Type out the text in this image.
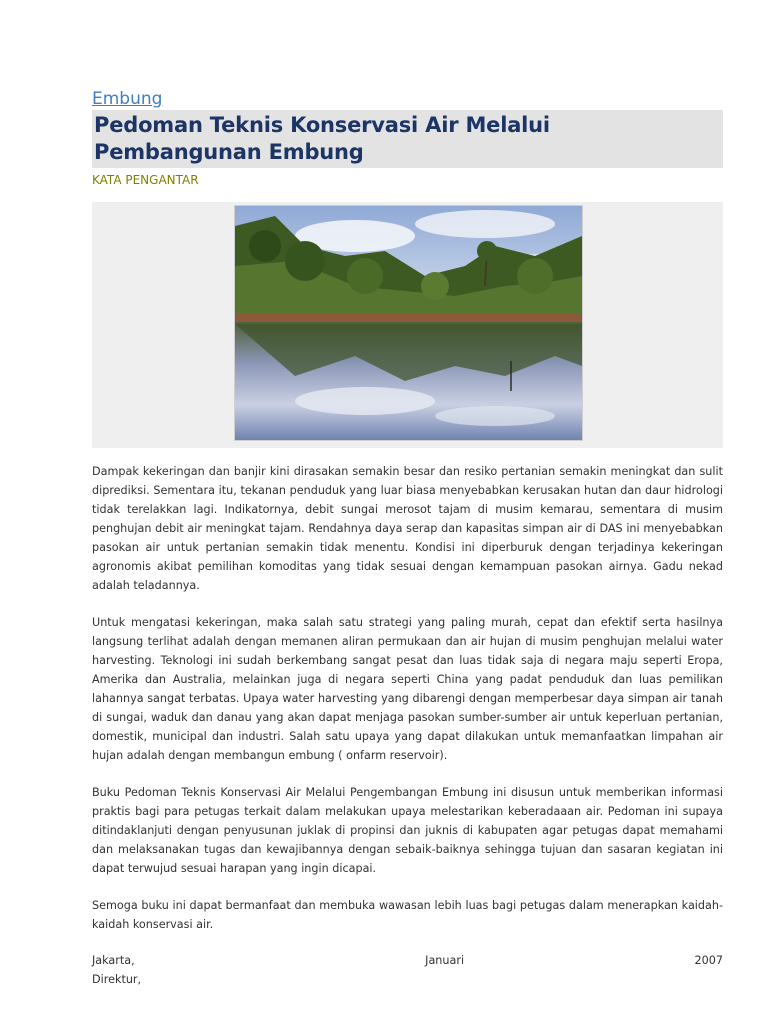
Embung
Pedoman Teknis Konservasi Air Melalui Pembangunan Embung
KATA PENGANTAR

Dampak kekeringan dan banjir kini dirasakan semakin besar dan resiko pertanian semakin meningkat dan sulit diprediksi. Sementara itu, tekanan penduduk yang luar biasa menyebabkan kerusakan hutan dan daur hidrologi tidak terelakkan lagi. Indikatornya, debit sungai merosot tajam di musim kemarau, sementara di musim penghujan debit air meningkat tajam. Rendahnya daya serap dan kapasitas simpan air di DAS ini menyebabkan pasokan air untuk pertanian semakin tidak menentu. Kondisi ini diperburuk dengan terjadinya kekeringan agronomis akibat pemilihan komoditas yang tidak sesuai dengan kemampuan pasokan airnya. Gadu nekad adalah teladannya.

Untuk mengatasi kekeringan, maka salah satu strategi yang paling murah, cepat dan efektif serta hasilnya langsung terlihat adalah dengan memanen aliran permukaan dan air hujan di musim penghujan melalui water harvesting. Teknologi ini sudah berkembang sangat pesat dan luas tidak saja di negara maju seperti Eropa, Amerika dan Australia, melainkan juga di negara seperti China yang padat penduduk dan luas pemilikan lahannya sangat terbatas. Upaya water harvesting yang dibarengi dengan memperbesar daya simpan air tanah di sungai, waduk dan danau yang akan dapat menjaga pasokan sumber-sumber air untuk keperluan pertanian, domestik, municipal dan industri. Salah satu upaya yang dapat dilakukan untuk memanfaatkan limpahan air hujan adalah dengan membangun embung ( onfarm reservoir).

Buku Pedoman Teknis Konservasi Air Melalui Pengembangan Embung ini disusun untuk memberikan informasi praktis bagi para petugas terkait dalam melakukan upaya melestarikan keberadaaan air. Pedoman ini supaya ditindaklanjuti dengan penyusunan juklak di propinsi dan juknis di kabupaten agar petugas dapat memahami dan melaksanakan tugas dan kewajibannya dengan sebaik-baiknya sehingga tujuan dan sasaran kegiatan ini dapat terwujud sesuai harapan yang ingin dicapai.

Semoga buku ini dapat bermanfaat dan membuka wawasan lebih luas bagi petugas dalam menerapkan kaidah-kaidah konservasi air.

Jakarta,	Januari	2007
Direktur,
